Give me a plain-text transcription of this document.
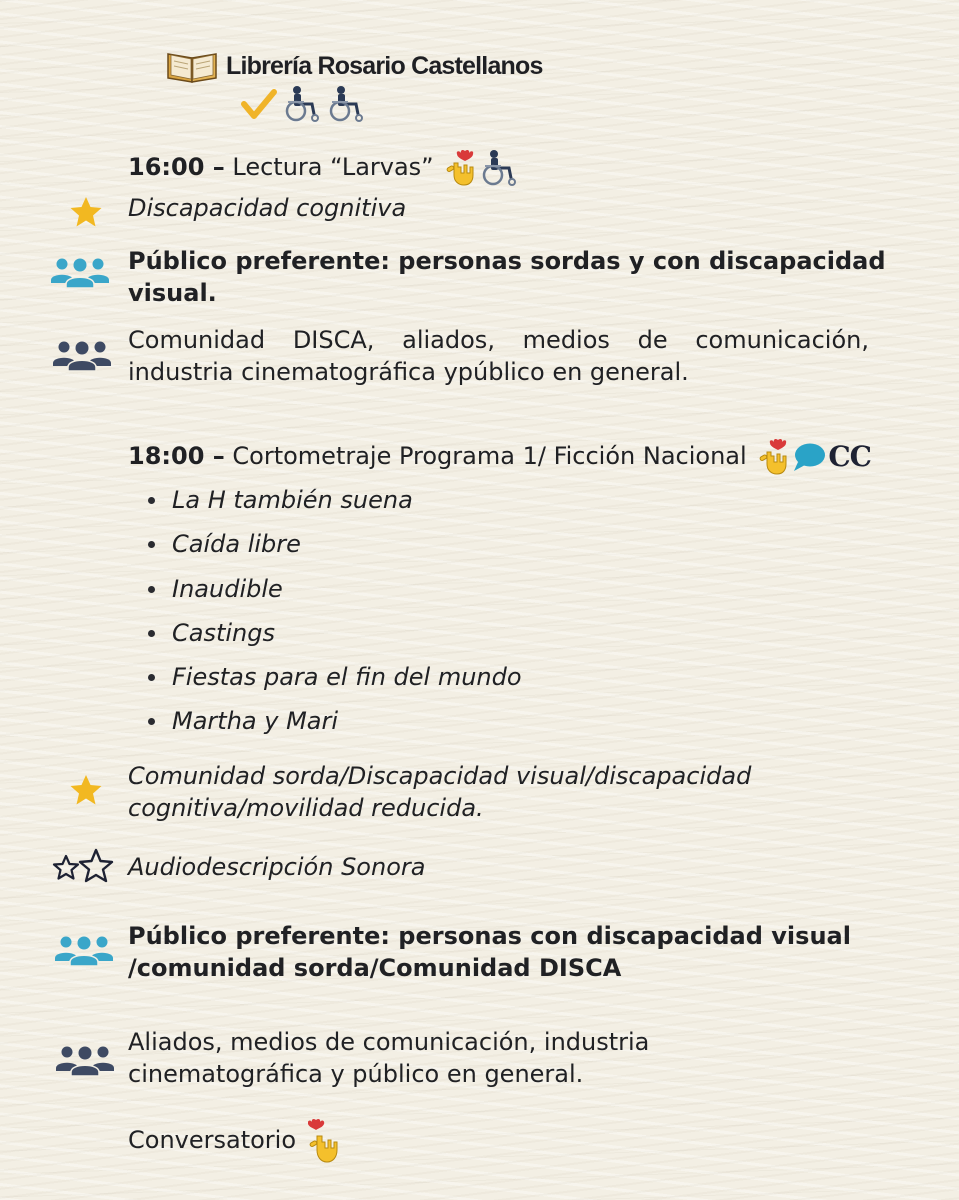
Librería Rosario Castellanos
16:00 – Lectura “Larvas”
Discapacidad cognitiva
Público preferente: personas sordas y con discapacidad visual.
Comunidad DISCA, aliados, medios de comunicación, industria cinematográfica ypúblico en general.
18:00 – Cortometraje Programa 1/ Ficción Nacional	CC
La H también suena
Caída libre
Inaudible
Castings
Fiestas para el fin del mundo
Martha y Mari
Comunidad sorda/Discapacidad visual/discapacidad cognitiva/movilidad reducida.
Audiodescripción Sonora
Público preferente: personas con discapacidad visual /comunidad sorda/Comunidad DISCA
Aliados, medios de comunicación, industria cinematográfica y público en general.
Conversatorio
